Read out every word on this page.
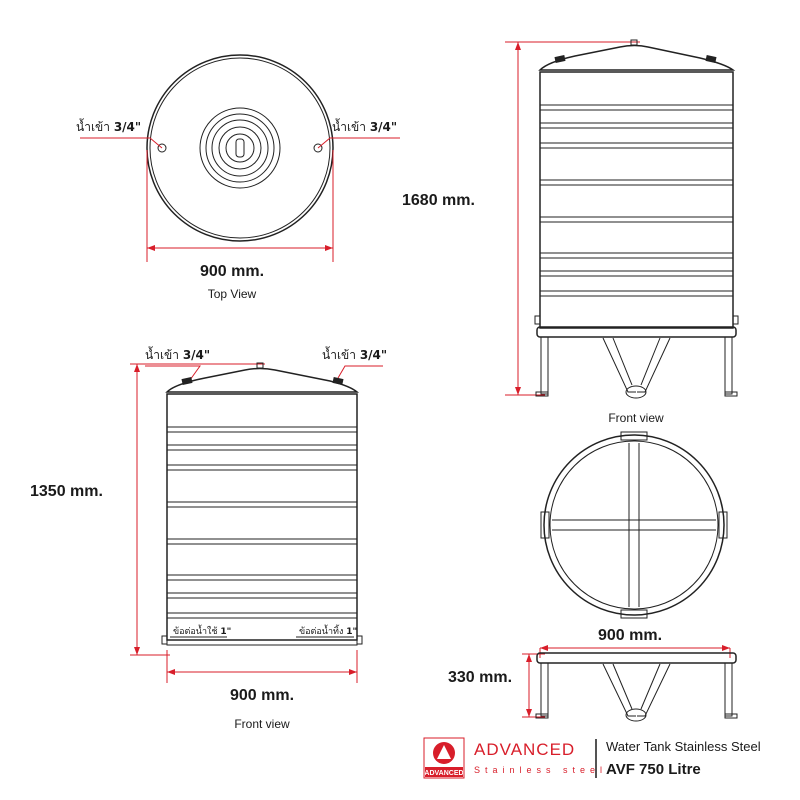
น้ำเข้า 3/4"	น้ำเข้า 3/4"
900 mm.
Top View
1680 mm.
Front view
1350 mm.
น้ำเข้า 3/4"	น้ำเข้า 3/4"
ข้อต่อน้ำใช้ 1"	ข้อต่อน้ำทิ้ง 1"
900 mm.
Front view
900 mm.
330 mm.
ADVANCED
ADVANCED
Stainless steel
Water Tank Stainless Steel
AVF 750 Litre
